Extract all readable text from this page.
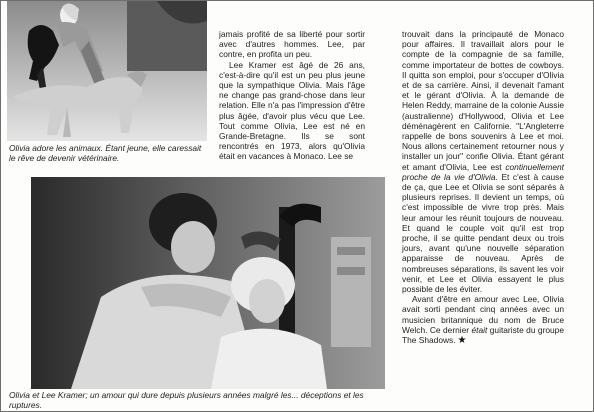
Olivia adore les animaux. Étant jeune, elle caressait le rêve de devenir vétérinaire.

Olivia et Lee Kramer; un amour qui dure depuis plusieurs années malgré les... déceptions et les ruptures.

jamais profité de sa liberté pour sortir avec d'autres hommes. Lee, par contre, en profita un peu.

Lee Kramer est âgé de 26 ans, c'est-à-dire qu'il est un peu plus jeune que la sympathique Olivia. Mais l'âge ne change pas grand-chose dans leur relation. Elle n'a pas l'impression d'être plus âgée, d'avoir plus vécu que Lee. Tout comme Olivia, Lee est né en Grande-Bretagne. Ils se sont rencontrés en 1973, alors qu'Olivia était en vacances à Monaco. Lee se

trouvait dans la principauté de Monaco pour affaires. Il travaillait alors pour le compte de la compagnie de sa famille, comme importateur de bottes de cowboys. Il quitta son emploi, pour s'occuper d'Olivia et de sa carrière. Ainsi, il devenait l'amant et le gérant d'Olivia. À la demande de Helen Reddy, marraine de la colonie Aussie (australienne) d'Hollywood, Olivia et Lee déménagèrent en Californie. "L'Angleterre rappelle de bons souvenirs à Lee et moi. Nous allons certainement retourner nous y installer un jour" confie Olivia. Étant gérant et amant d'Olivia, Lee est continuellement proche de la vie d'Olivia. Et c'est à cause de ça, que Lee et Olivia se sont séparés à plusieurs reprises. Il devient un temps, où c'est impossible de vivre trop près. Mais leur amour les réunit toujours de nouveau. Et quand le couple voit qu'il est trop proche, il se quitte pendant deux ou trois jours, avant qu'une nouvelle séparation apparaisse de nouveau. Après de nombreuses séparations, ils savent les voir venir, et Lee et Olivia essayent le plus possible de les éviter.

Avant d'être en amour avec Lee, Olivia avait sorti pendant cinq années avec un musicien britannique du nom de Bruce Welch. Ce dernier était guitariste du groupe The Shadows. ★
